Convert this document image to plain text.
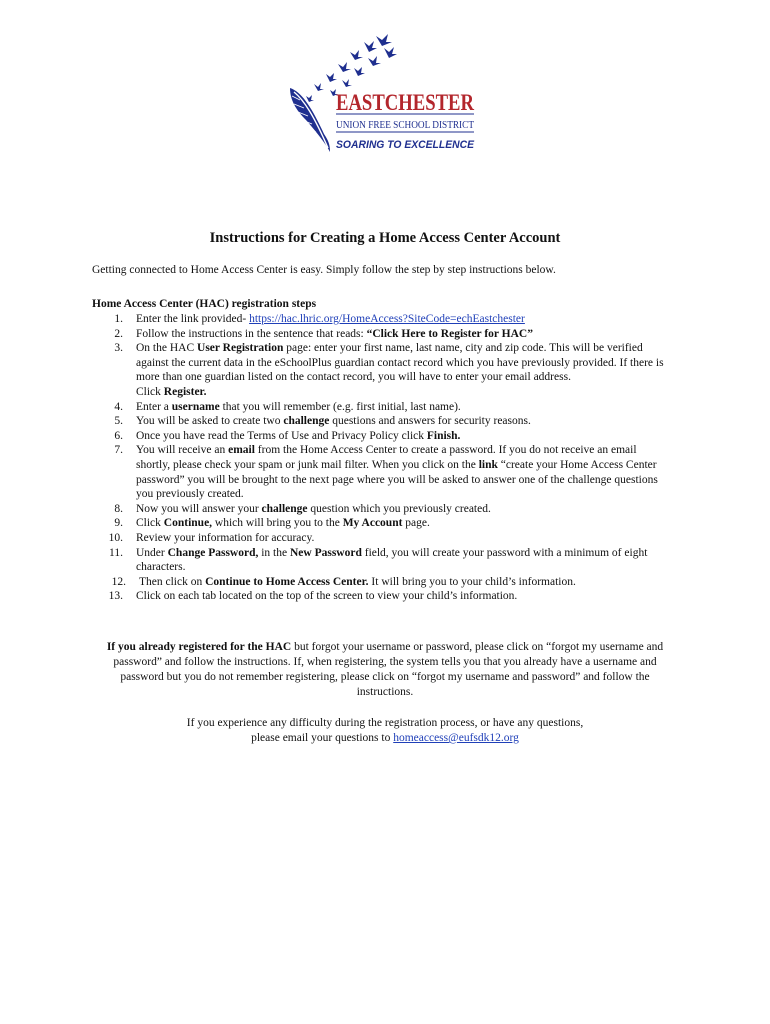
EASTCHESTER
UNION FREE SCHOOL DISTRICT
SOARING TO EXCELLENCE
Instructions for Creating a Home Access Center Account
Getting connected to Home Access Center is easy. Simply follow the step by step instructions below.
Home Access Center (HAC) registration steps
1. Enter the link provided- https://hac.lhric.org/HomeAccess?SiteCode=echEastchester
2. Follow the instructions in the sentence that reads: “Click Here to Register for HAC”
3. On the HAC User Registration page: enter your first name, last name, city and zip code. This will be verified against the current data in the eSchoolPlus guardian contact record which you have previously provided. If there is more than one guardian listed on the contact record, you will have to enter your email address.
Click Register.
4. Enter a username that you will remember (e.g. first initial, last name).
5. You will be asked to create two challenge questions and answers for security reasons.
6. Once you have read the Terms of Use and Privacy Policy click Finish.
7. You will receive an email from the Home Access Center to create a password. If you do not receive an email shortly, please check your spam or junk mail filter. When you click on the link “create your Home Access Center password” you will be brought to the next page where you will be asked to answer one of the challenge questions you previously created.
8. Now you will answer your challenge question which you previously created.
9. Click Continue, which will bring you to the My Account page.
10. Review your information for accuracy.
11. Under Change Password, in the New Password field, you will create your password with a minimum of eight characters.
12. Then click on Continue to Home Access Center. It will bring you to your child’s information.
13. Click on each tab located on the top of the screen to view your child’s information.
If you already registered for the HAC but forgot your username or password, please click on “forgot my username and password” and follow the instructions. If, when registering, the system tells you that you already have a username and password but you do not remember registering, please click on “forgot my username and password” and follow the instructions.
If you experience any difficulty during the registration process, or have any questions,
please email your questions to homeaccess@eufsdk12.org
